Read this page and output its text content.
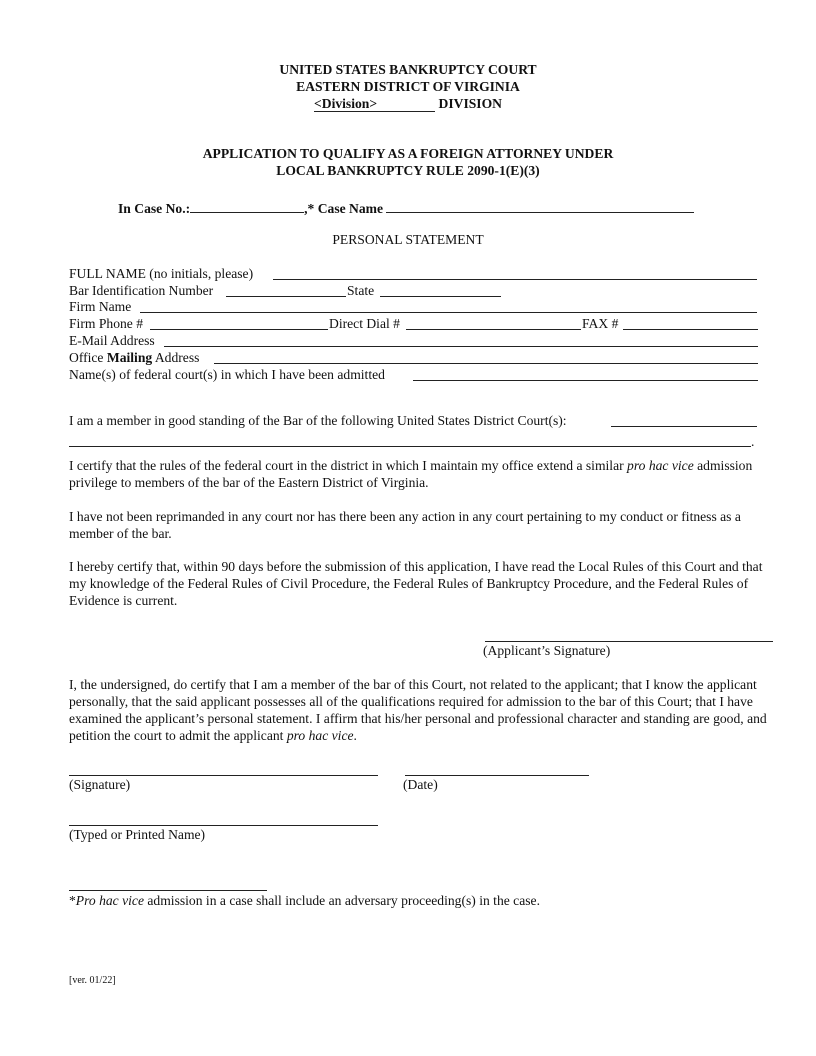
UNITED STATES BANKRUPTCY COURT
EASTERN DISTRICT OF VIRGINIA
<Division>	DIVISION
APPLICATION TO QUALIFY AS A FOREIGN ATTORNEY UNDER
LOCAL BANKRUPTCY RULE 2090-1(E)(3)
In Case No.:	,* Case Name
PERSONAL STATEMENT
FULL NAME (no initials, please)
Bar Identification Number	State
Firm Name
Firm Phone #	Direct Dial #	FAX #
E-Mail Address
Office Mailing Address
Name(s) of federal court(s) in which I have been admitted
I am a member in good standing of the Bar of the following United States District Court(s):
.
I certify that the rules of the federal court in the district in which I maintain my office extend a similar pro hac vice admission privilege to members of the bar of the Eastern District of Virginia.
I have not been reprimanded in any court nor has there been any action in any court pertaining to my conduct or fitness as a member of the bar.
I hereby certify that, within 90 days before the submission of this application, I have read the Local Rules of this Court and that my knowledge of the Federal Rules of Civil Procedure, the Federal Rules of Bankruptcy Procedure, and the Federal Rules of Evidence is current.
(Applicant’s Signature)
I, the undersigned, do certify that I am a member of the bar of this Court, not related to the applicant; that I know the applicant personally, that the said applicant possesses all of the qualifications required for admission to the bar of this Court; that I have examined the applicant’s personal statement. I affirm that his/her personal and professional character and standing are good, and petition the court to admit the applicant pro hac vice.
(Signature)	(Date)
(Typed or Printed Name)
*Pro hac vice admission in a case shall include an adversary proceeding(s) in the case.
[ver. 01/22]
